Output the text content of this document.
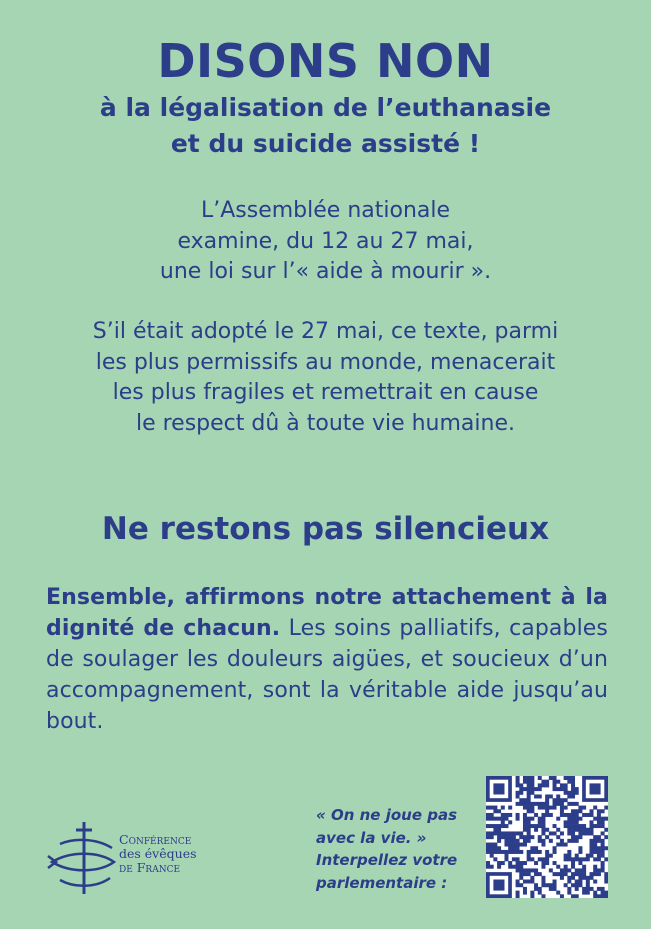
DISONS NON
à la légalisation de l’euthanasie
et du suicide assisté !
L’Assemblée nationale
examine, du 12 au 27 mai,
une loi sur l’« aide à mourir ».
S’il était adopté le 27 mai, ce texte, parmi
les plus permissifs au monde, menacerait
les plus fragiles et remettrait en cause
le respect dû à toute vie humaine.
Ne restons pas silencieux
Ensemble, affirmons notre attachement à la dignité de chacun. Les soins palliatifs, capables de soulager les douleurs aigües, et soucieux d’un accompagnement, sont la véritable aide jusqu’au bout.
Conférence
des évêques
de France
« On ne joue pas
avec la vie. »
Interpellez votre
parlementaire :
